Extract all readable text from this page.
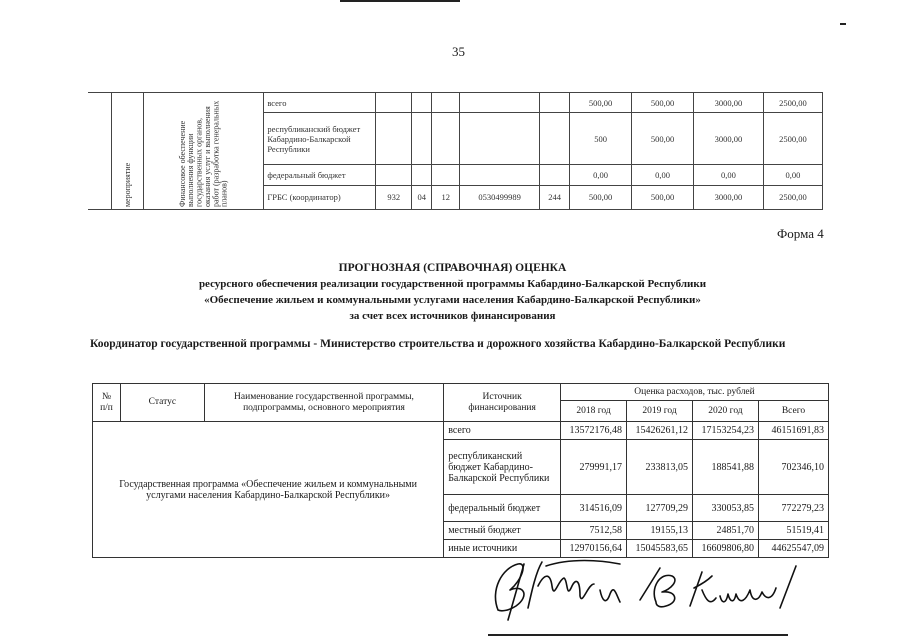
35
	мероприятие	Финансовое обеспечение выполнения функции государственных органов, оказания услуг и выполнения работ (разработка генеральных планов)	всего						500,00	500,00	3000,00	2500,00
			республиканский бюджет Кабардино-Балкарской Республики						500	500,00	3000,00	2500,00
			федеральный бюджет						0,00	0,00	0,00	0,00
			ГРБС (координатор)	932	04	12	0530499989	244	500,00	500,00	3000,00	2500,00
Форма 4
ПРОГНОЗНАЯ (СПРАВОЧНАЯ) ОЦЕНКА
ресурсного обеспечения реализации государственной программы Кабардино-Балкарской Республики
«Обеспечение жильем и коммунальными услугами населения Кабардино-Балкарской Республики»
за счет всех источников финансирования
Координатор государственной программы - Министерство строительства и дорожного хозяйства Кабардино-Балкарской Республики
№ п/п	Статус	Наименование государственной программы, подпрограммы, основного мероприятия	Источник финансирования	Оценка расходов, тыс. рублей			
				2018 год	2019 год	2020 год	Всего
Государственная программа «Обеспечение жильем и коммунальными услугами населения Кабардино-Балкарской Республики»			всего	13572176,48	15426261,12	17153254,23	46151691,83
			республиканский бюджет Кабардино-Балкарской Республики	279991,17	233813,05	188541,88	702346,10
			федеральный бюджет	314516,09	127709,29	330053,85	772279,23
			местный бюджет	7512,58	19155,13	24851,70	51519,41
			иные источники	12970156,64	15045583,65	16609806,80	44625547,09
